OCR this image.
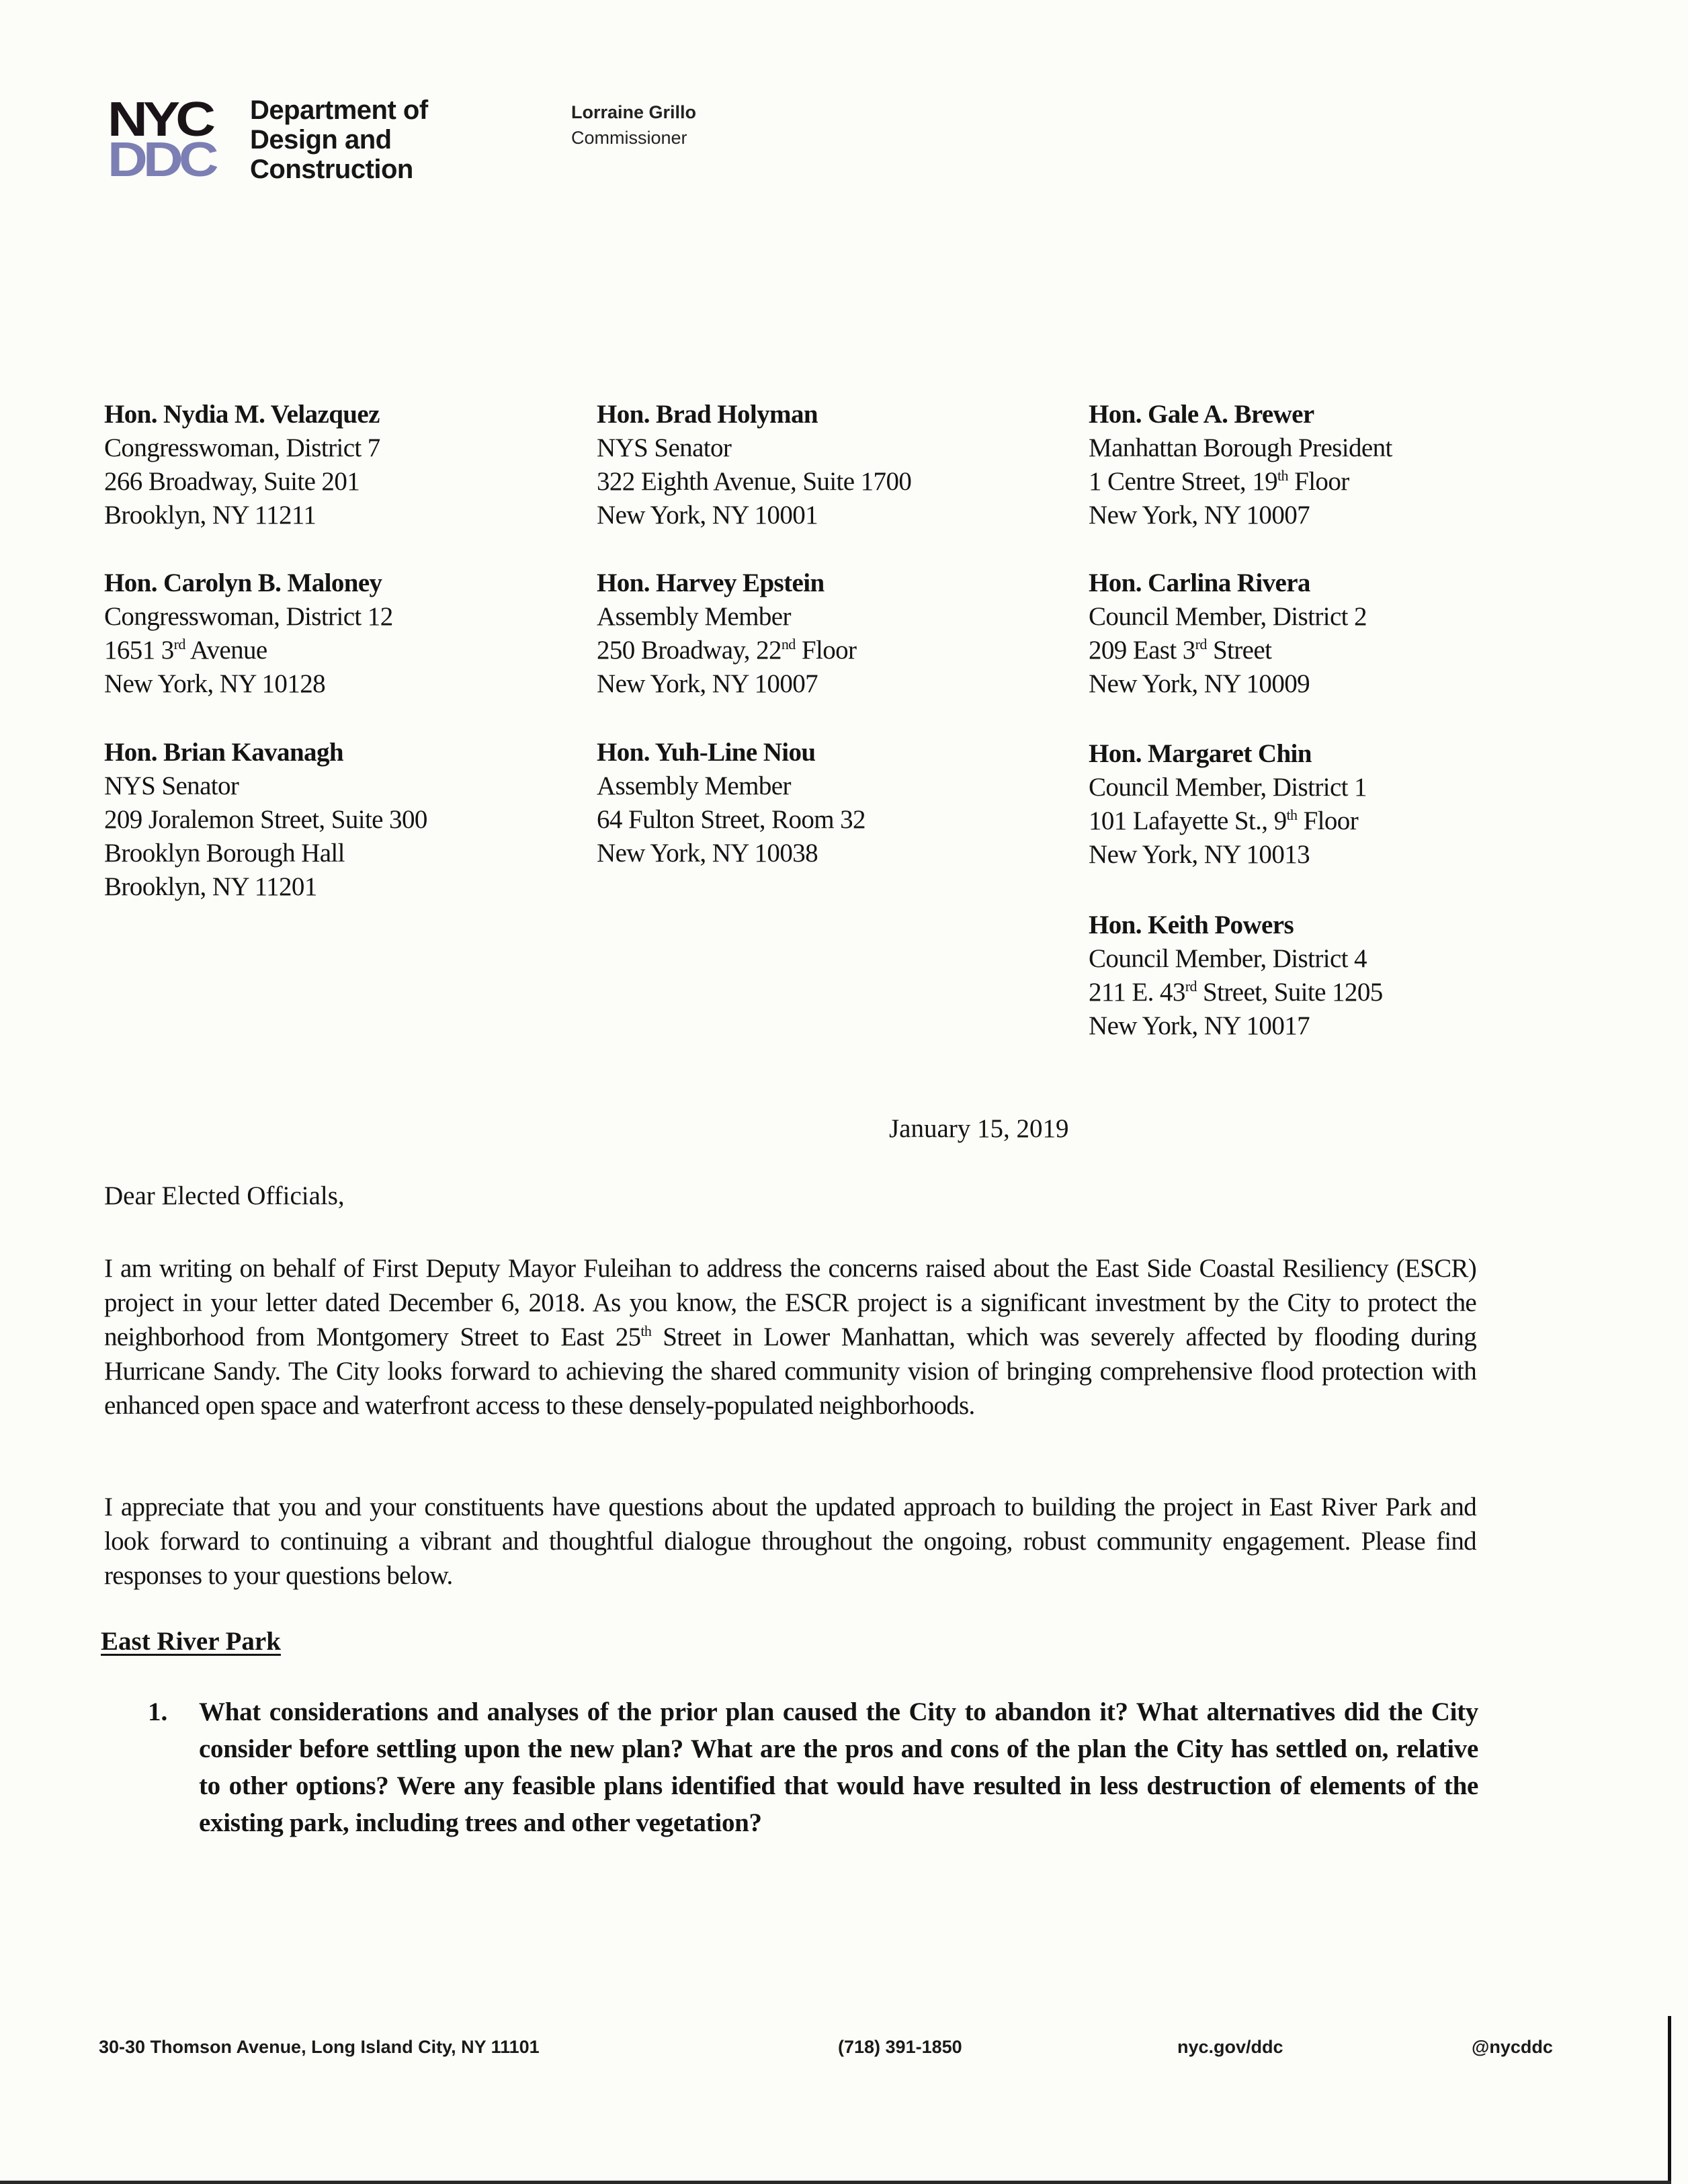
NYC
DDC
Department of
Design and
Construction
Lorraine Grillo
Commissioner
Hon. Nydia M. Velazquez
Congresswoman, District 7
266 Broadway, Suite 201
Brooklyn, NY 11211
Hon. Carolyn B. Maloney
Congresswoman, District 12
1651 3rd Avenue
New York, NY 10128
Hon. Brian Kavanagh
NYS Senator
209 Joralemon Street, Suite 300
Brooklyn Borough Hall
Brooklyn, NY 11201
Hon. Brad Holyman
NYS Senator
322 Eighth Avenue, Suite 1700
New York, NY 10001
Hon. Harvey Epstein
Assembly Member
250 Broadway, 22nd Floor
New York, NY 10007
Hon. Yuh-Line Niou
Assembly Member
64 Fulton Street, Room 32
New York, NY 10038
Hon. Gale A. Brewer
Manhattan Borough President
1 Centre Street, 19th Floor
New York, NY 10007
Hon. Carlina Rivera
Council Member, District 2
209 East 3rd Street
New York, NY 10009
Hon. Margaret Chin
Council Member, District 1
101 Lafayette St., 9th Floor
New York, NY 10013
Hon. Keith Powers
Council Member, District 4
211 E. 43rd Street, Suite 1205
New York, NY 10017
January 15, 2019
Dear Elected Officials,
I am writing on behalf of First Deputy Mayor Fuleihan to address the concerns raised about the East Side Coastal Resiliency (ESCR) project in your letter dated December 6, 2018. As you know, the ESCR project is a significant investment by the City to protect the neighborhood from Montgomery Street to East 25th Street in Lower Manhattan, which was severely affected by flooding during Hurricane Sandy. The City looks forward to achieving the shared community vision of bringing comprehensive flood protection with enhanced open space and waterfront access to these densely-populated neighborhoods.
I appreciate that you and your constituents have questions about the updated approach to building the project in East River Park and look forward to continuing a vibrant and thoughtful dialogue throughout the ongoing, robust community engagement. Please find responses to your questions below.
East River Park
1. What considerations and analyses of the prior plan caused the City to abandon it? What alternatives did the City consider before settling upon the new plan? What are the pros and cons of the plan the City has settled on, relative to other options? Were any feasible plans identified that would have resulted in less destruction of elements of the existing park, including trees and other vegetation?
30-30 Thomson Avenue, Long Island City, NY 11101	(718) 391-1850	nyc.gov/ddc	@nycddc
